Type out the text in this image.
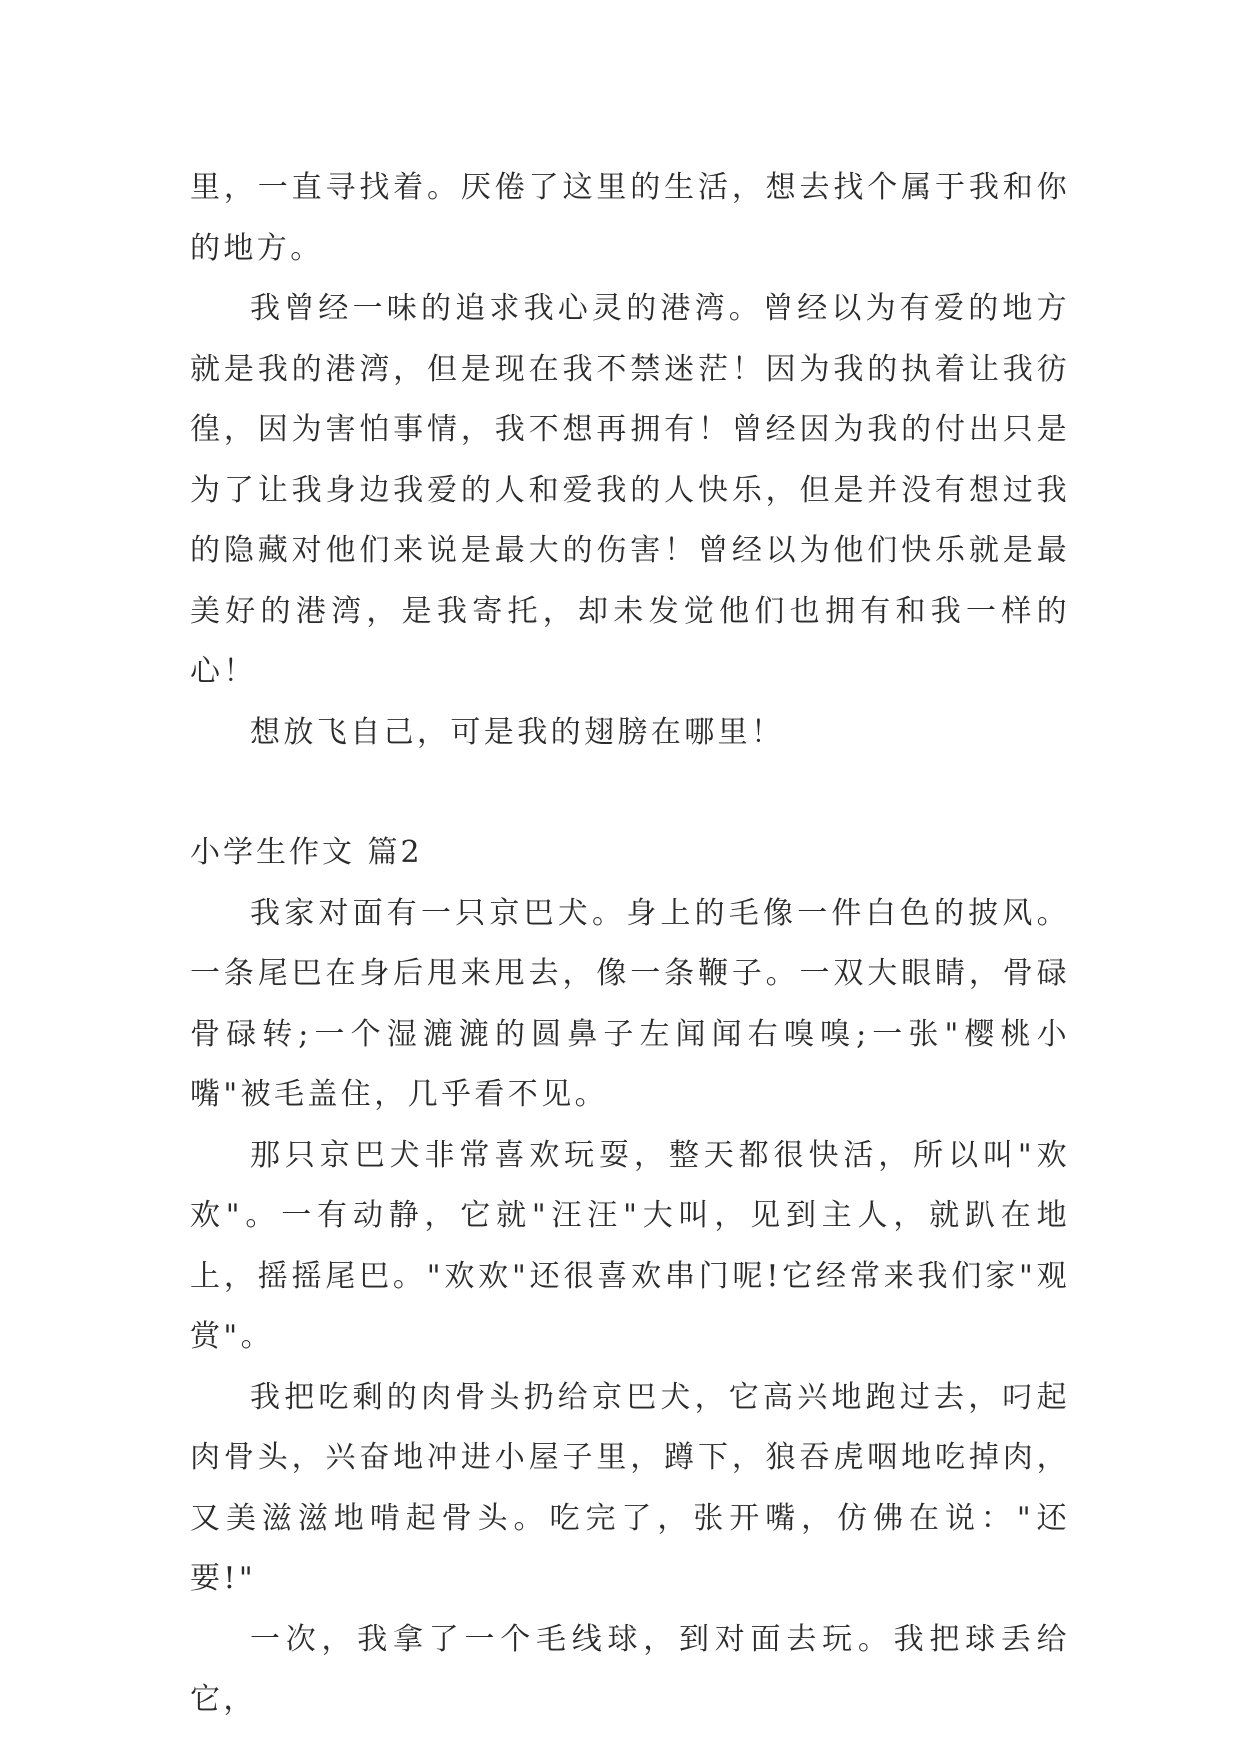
里，一直寻找着。厌倦了这里的生活，想去找个属于我和你的地方。

我曾经一味的追求我心灵的港湾。曾经以为有爱的地方就是我的港湾，但是现在我不禁迷茫！因为我的执着让我彷徨，因为害怕事情，我不想再拥有！曾经因为我的付出只是为了让我身边我爱的人和爱我的人快乐，但是并没有想过我的隐藏对他们来说是最大的伤害！曾经以为他们快乐就是最美好的港湾，是我寄托，却未发觉他们也拥有和我一样的心！

想放飞自己，可是我的翅膀在哪里！

小学生作文 篇2

我家对面有一只京巴犬。身上的毛像一件白色的披风。一条尾巴在身后甩来甩去，像一条鞭子。一双大眼睛，骨碌骨碌转;一个湿漉漉的圆鼻子左闻闻右嗅嗅;一张"樱桃小嘴"被毛盖住，几乎看不见。

那只京巴犬非常喜欢玩耍，整天都很快活，所以叫"欢欢"。一有动静，它就"汪汪"大叫，见到主人，就趴在地上，摇摇尾巴。"欢欢"还很喜欢串门呢!它经常来我们家"观赏"。

我把吃剩的肉骨头扔给京巴犬，它高兴地跑过去，叼起肉骨头，兴奋地冲进小屋子里，蹲下，狼吞虎咽地吃掉肉，又美滋滋地啃起骨头。吃完了，张开嘴，仿佛在说："还要!"

一次，我拿了一个毛线球，到对面去玩。我把球丢给它，
